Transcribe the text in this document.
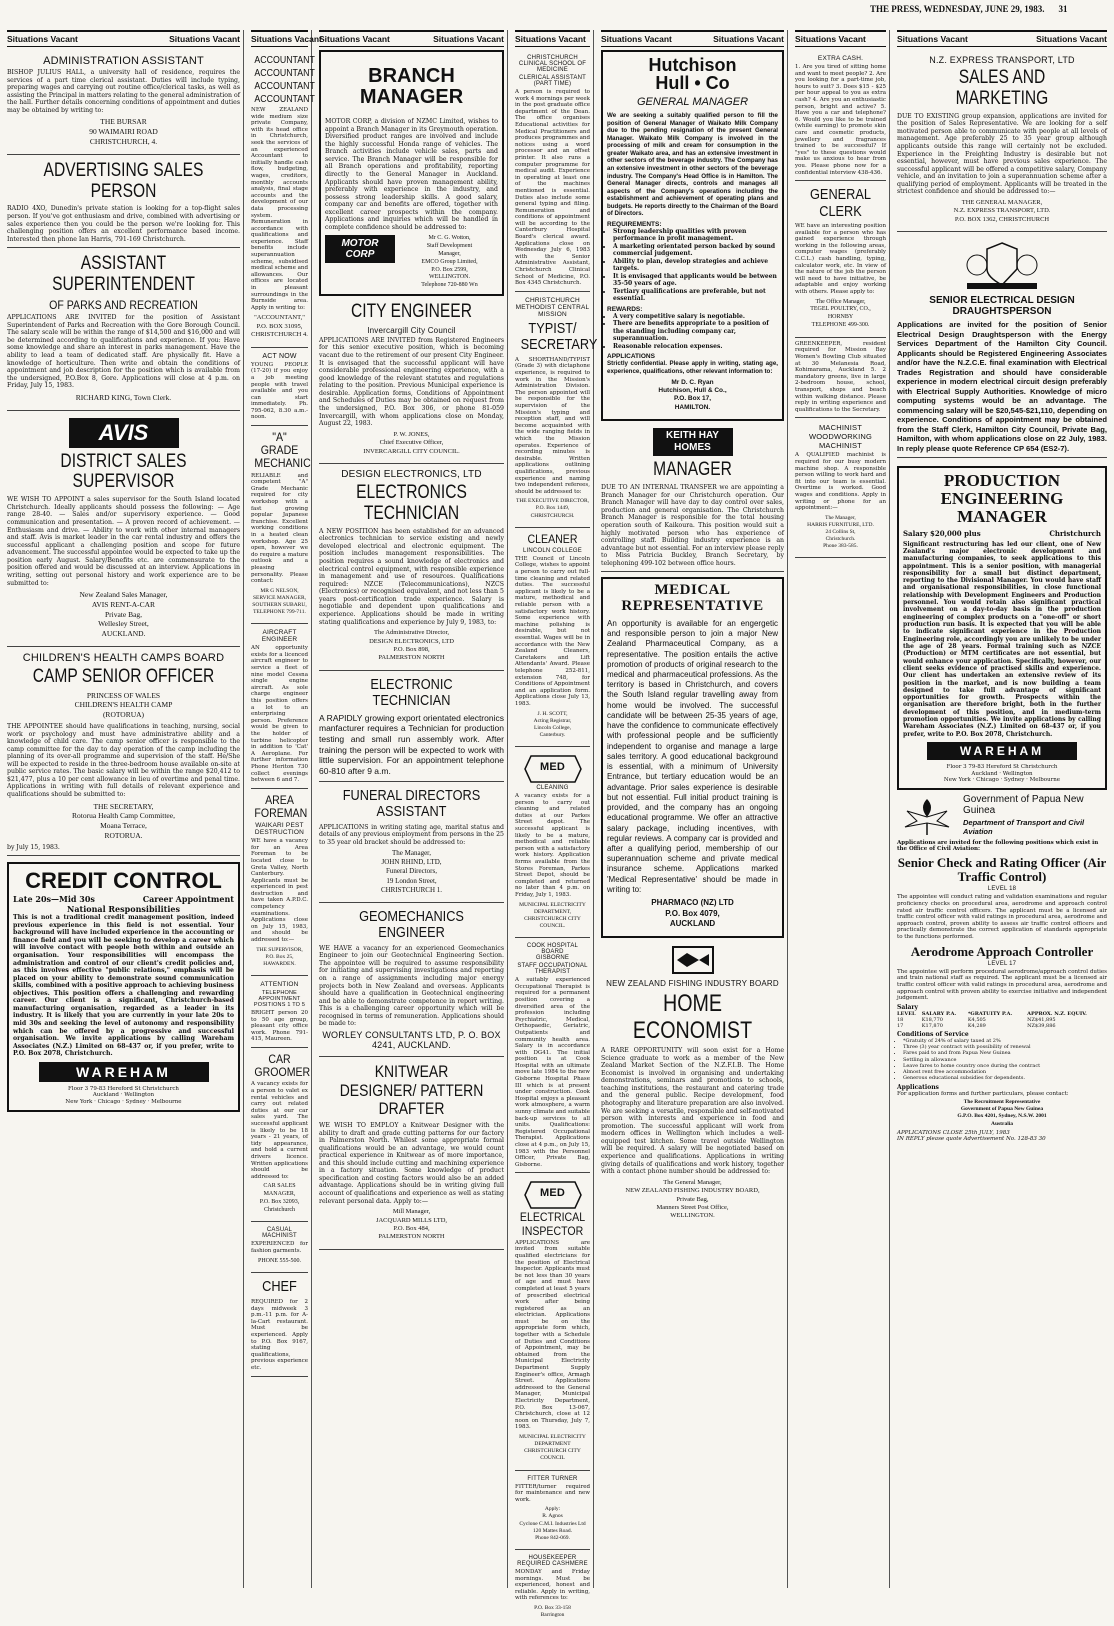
THE PRESS, WEDNESDAY, JUNE 29, 1983. 31
Situations Vacant	Situations Vacant
ADMINISTRATION ASSISTANT
BISHOP JULIUS HALL, a university hall of residence, requires the services of a part time clerical assistant. Duties will include typing, preparing wages and carrying out routine office/clerical tasks, as well as assisting the Principal in matters relating to the general administration of the hall. Further details concerning conditions of appointment and duties may be obtained by writing to:
THE BURSAR
90 WAIMAIRI ROAD
CHRISTCHURCH, 4.
ADVERTISING SALES PERSON
RADIO 4XO, Dunedin's private station is looking for a top-flight sales person. If you've got enthusiasm and drive, combined with advertising or sales experience then you could be the person we're looking for. This challenging position offers an excellent performance based income. Interested then phone Ian Harris, 791-169 Christchurch.
ASSISTANT SUPERINTENDENT
OF PARKS AND RECREATION
APPLICATIONS ARE INVITED for the position of Assistant Superintendent of Parks and Recreation with the Gore Borough Council. The salary scale will be within the range of $14,500 and $16,000 and will be determined according to qualifications and experience. If you: Have some knowledge and share an interest in parks management. Have the ability to lead a team of dedicated staff. Are physically fit. Have a knowledge of horticulture. Then write and obtain the conditions of appointment and job description for the position which is available from the undersigned, P.O.Box 8, Gore. Applications will close at 4 p.m. on Friday, July 15, 1983.
RICHARD KING, Town Clerk.
AVIS
DISTRICT SALES SUPERVISOR
WE WISH TO APPOINT a sales supervisor for the South Island located Christchurch. Ideally applicants should possess the following: — Age range 28-40. — Sales and/or supervisory experience. — Good communication and presentation. — A proven record of achievement. — Enthusiasm and drive. — Ability to work with other internal managers and staff. Avis is market leader in the car rental industry and offers the successful applicant a challenging position and scope for future advancement. The successful appointee would be expected to take up the position early August. Salary/Benefits etc. are commensurate to the position offered and would be discussed at an interview. Applications in writing, setting out personal history and work experience are to be submitted to:
New Zealand Sales Manager,
AVIS RENT-A-CAR
Private Bag,
Wellesley Street,
AUCKLAND.
CHILDREN'S HEALTH CAMPS BOARD
CAMP SENIOR OFFICER
PRINCESS OF WALES
CHILDREN'S HEALTH CAMP
(ROTORUA)
THE APPOINTEE should have qualifications in teaching, nursing, social work or psychology and must have administrative ability and a knowledge of child care. The camp senior officer is responsible to the camp committee for the day to day operation of the camp including the planning of its over-all programme and supervision of the staff. He/She will be expected to reside in the three-bedroom house available on-site at public service rates. The basic salary will be within the range $20,412 to $21,477, plus a 10 per cent allowance in lieu of overtime and penal time. Applications in writing with full details of relevant experience and qualifications should be submitted to:
THE SECRETARY,
Rotorua Health Camp Committee,
Moana Terrace,
ROTORUA.
by July 15, 1983.
CREDIT CONTROL
Late 20s—Mid 30s	Career Appointment
National Responsibilities
This is not a traditional credit management position, indeed previous experience in this field is not essential. Your background will have included experience in the accounting or finance field and you will be seeking to develop a career which will involve contact with people both within and outside an organisation. Your responsibilities will encompass the administration and control of our client's credit policies and, as this involves effective "public relations," emphasis will be placed on your ability to demonstrate sound communication skills, combined with a positive approach to achieving business objectives. This position offers a challenging and rewarding career. Our client is a significant, Christchurch-based manufacturing organisation, regarded as a leader in its industry. It is likely that you are currently in your late 20s to mid 30s and seeking the level of autonomy and responsibility which can be offered by a progressive and successful organisation. We invite applications by calling Wareham Associates (N.Z.) Limited on 68-437 or, if you prefer, write to P.O. Box 2078, Christchurch.
WAREHAM
Floor 3 79-83 Hereford St Christchurch
Auckland · Wellington
New York · Chicago · Sydney · Melbourne
Situations Vacant
ACCOUNTANT
ACCOUNTANT
ACCOUNTANT
ACCOUNTANT
NEW ZEALAND wide medium size private Company, with its head office in Christchurch, seek the services of an experienced Accountant to initially handle cash flow, budgeting, wages, creditors, monthly accounts analysis, final stage accounts and the development of our data processing system. Remuneration in accordance with qualifications and experience. Staff benefits include superannuation scheme, subsidised medical scheme and allowances. Our offices are located in pleasant surroundings in the Burnside area. Apply in writing to:
"ACCOUNTANT,"
P.O. BOX 31095,
CHRISTCHURCH 4.
ACT NOW
YOUNG PEOPLE (17-20) if you enjoy a job meeting people with travel available and you can start immediately. Ph. 795-062, 8.30 a.m.-noon.
"A" GRADE MECHANIC
RELIABLE and competent "A" Grade Mechanic required for city workshop with a fast growing popular Japanese franchise. Excellent working conditions in a heated clean workshop. Age 25 open, however we do require a mature outlook and a pleasing personality. Please contact:
MR G NELSON,
SERVICE MANAGER,
SOUTHERN SUBARU,
TELEPHONE 799-711.
AIRCRAFT ENGINEER
AN opportunity exists for a licenced aircraft engineer to service a fleet of nine model Cessna single engine aircraft. As sole charge engineer this position offers a lot to an enterprising person. Preference would be given to the holder of turbine helicopter in addition to 'Cat' A Aeroplane. For further information Phone Heriton 730 collect evenings between 6 and 7.
AREA FOREMAN
WAIKARI PEST DESTRUCTION
WE have a vacancy for an Area Foreman to be located close to Greta Valley, North Canterbury. Applicants must be experienced in pest destruction and have taken A.P.D.C. competency examinations. Applications close on July 15, 1983, and should be addressed to:—
THE SUPERVISOR,
P.O. Box 25,
HAWARDEN.
ATTENTION
TELEPHONE APPOINTMENT POSITIONS 1 TO 5
BRIGHT person 20 to 50 age group, pleasant city office work. Phone 791-415, Maureen.
CAR GROOMER
A vacancy exists for a person to valet ex rental vehicles and carry out related duties at our car sales yard. The successful applicant is likely to be 18 years - 21 years, of tidy appearance, and hold a current drivers licence. Written applications should be addressed to:
CAR SALES MANAGER,
P.O. Box 32093,
Christchurch
CASUAL MACHINIST
EXPERIENCED for fashion garments.
PHONE 555-500.
CHEF
REQUIRED for 2 days midweek 3 p.m.-11 p.m. for A-la-Cart restaurant. Must be experienced. Apply to P.O. Box 9167, stating qualifications, previous experience etc.
Situations Vacant	Situations Vacant
BRANCH MANAGER
MOTOR CORP, a division of NZMC Limited, wishes to appoint a Branch Manager in its Greymouth operation. Diversified product ranges are involved and include the highly successful Honda range of vehicles. The Branch activities include vehicle sales, parts and service. The Branch Manager will be responsible for all Branch operations and profitability, reporting directly to the General Manager in Auckland. Applicants should have proven management ability, preferably with experience in the industry, and possess strong leadership skills. A good salary, company car and benefits are offered, together with excellent career prospects within the company. Applications and inquiries which will be handled in complete confidence should be addressed to:
MOTOR CORP
Mr C. G. Wotton,
Staff Development
Manager,
EMCO Group Limited,
P.O. Box 2599,
WELLINGTON.
Telephone 720-880 Wn
CITY ENGINEER
Invercargill City Council
APPLICATIONS ARE INVITED from Registered Engineers for this senior executive position, which is becoming vacant due to the retirement of our present City Engineer. It is envisaged that the successful applicant will have considerable professional engineering experience, with a good knowledge of the relevant statutes and regulations relating to the position. Previous Municipal experience is desirable. Application forms, Conditions of Appointment and Schedules of Duties may be obtained on request from the undersigned, P.O. Box 306, or phone 81-059 Invercargill, with whom applications close on Monday, August 22, 1983.
P. W. JONES,
Chief Executive Officer,
INVERCARGILL CITY COUNCIL.
DESIGN ELECTRONICS, LTD
ELECTRONICS TECHNICIAN
A NEW POSITION has been established for an advanced electronics technician to service existing and newly developed electrical and electronic equipment. The position includes management responsibilities. The position requires a sound knowledge of electronics and electrical control equipment, with responsible experience in management and use of resources. Qualifications required: NZCE (Telecommunications), NZCS (Electronics) or recognised equivalent, and not less than 5 years post-certification trade experience. Salary is negotiable and dependent upon qualifications and experience. Applications should be made in writing stating qualifications and experience by July 9, 1983, to:
The Administrative Director,
DESIGN ELECTRONICS, LTD
P.O. Box 898,
PALMERSTON NORTH
ELECTRONIC TECHNICIAN
A RAPIDLY growing export orientated electronics manfacturer requires a Technician for production testing and small run assembly work. After training the person will be expected to work with little supervision. For an appointment telephone 60-810 after 9 a.m.
FUNERAL DIRECTORS ASSISTANT
APPLICATIONS in writing stating age, marital status and details of any previous employment from persons in the 25 to 35 year old bracket should be addressed to:
The Manager,
JOHN RHIND, LTD,
Funeral Directors,
19 London Street,
CHRISTCHURCH 1.
GEOMECHANICS ENGINEER
WE HAVE a vacancy for an experienced Geomechanics Engineer to join our Geotechnical Engineering Section. The appointee will be required to assume responsibility for initiating and supervising investigations and reporting on a range of assignments including major energy projects both in New Zealand and overseas. Applicants should have a qualification in Geotechnical engineering and be able to demonstrate competence in report writing. This is a challenging career opportunity which will be recognised in terms of remuneration. Applications should be made to:
WORLEY CONSULTANTS LTD, P. O. BOX 4241, AUCKLAND.
KNITWEAR DESIGNER/ PATTERN DRAFTER
WE WISH TO EMPLOY a Knitwear Designer with the ability to draft and grade cutting patterns for our factory in Palmerston North. Whilest some appropriate formal qualifications would be an advantage, we would count practical experience in Knitwear as of more importance, and this should include cutting and machining experience in a factory situation. Some knowledge of product specification and costing factors would also be an added advantage. Applications should be in writing giving full account of qualifications and experience as well as stating relevant personal data. Apply to:—
Mill Manager,
JACQUARD MILLS LTD,
P.O. Box 484,
PALMERSTON NORTH
Situations Vacant
CHRISTCHURCH CLINICAL SCHOOL OF MEDICINE
CLERICAL ASSISTANT (PART TIME)
A person is required to work 4 mornings per week in the post graduate office department of the Dean. The office organises Educational activities for Medical Practitioners and produces programmes and notices using a word processor and an offset printer. It also runs a computer programme for medical audit. Experience in operating at least one of the machines mentioned is essential. Duties also include some general typing and filing. Remuneration and conditions of appointment will be according to the Canterbury Hospital Board's clerical award. Applications close on Wednesday July 6, 1983 with the Senior Administrative Assistant, Christchurch Clinical School of Medicine, P.O. Box 4345 Christchurch.
CHRISTCHURCH METHODIST CENTRAL MISSION
TYPIST/ SECRETARY
A SHORTHAND/TYPIST (Grade 3) with dictaphone experience, is required to work in the Mission's Administration Division. The person appointed will be responsible for the supervision of the Mission's typing and reception staff, and will become acquainted with the wide ranging fields in which the Mission operates. Experience of recording minutes is desirable. Written applications outlining qualifications, previous experience and naming two independent referees, should be addressed to:
THE EXECUTIVE DIRECTOR,
P.O. Box 1449,
CHRISTCHURCH.
CLEANER
LINCOLN COLLEGE
THE Council of Lincoln College, wishes to appoint a person to carry out full-time cleaning and related duties. The successful applicant is likely to be a mature, methodical and reliable person with a satisfactory work history. Some experience with machine polishing is desirable, but not essential. Wages will be in accordance with the New Zealand Cleaners, Caretakers and Lift Attendants' Award. Please telephone 252-811, extension 748, for Conditions of Appointment and an application form. Applications close July 13, 1983.
J. H. SCOTT,
Acting Registrar,
Lincoln College,
Canterbury.
MED
CLEANING
A vacancy exists for a person to carry out cleaning and related duties at our Parkes Street depot. The successful applicant is likely to be a mature, methodical and reliable person with a satisfactory work history. Application forms available from the Stores Foreman, Parkes Street Depot, should be completed and returned no later than 4 p.m. on Friday, July 1, 1983.
MUNICIPAL ELECTRICITY DEPARTMENT,
CHRISTCHURCH CITY COUNCIL.
COOK HOSPITAL BOARD
GISBORNE
STAFF OCCUPATIONAL THERAPIST
A suitably experienced Occupational Therapist is required for a permanent position covering a diversified area of the profession including Psychiatric, Medical, Orthopaedic, Geriatric, Outpatients and community health area. Salary is in accordance with DG41. The initial position is at Cook Hospital with an ultimate move late 1984 to the new Gisborne Hospital Phase III which is at present under construction. Cook Hospital enjoys a pleasant work atmosphere, a warm sunny climate and suitable back-up services to all units. Qualifications: Registered Occupational Therapist. Applications close at 4 p.m., on July 15, 1983 with the Personnel Officer, Private Bag, Gisborne.
MED
ELECTRICAL INSPECTOR
APPLICATIONS are invited from suitable qualified electricians for the position of Electrical Inspector. Applicants must be not less than 30 years of age and must have completed at least 5 years of prescribed electrical work after being registered as an electrician. Applications must be on the appropriate form which, together with a Schedule of Duties and Conditions of Appointment, may be obtained from the Municipal Electricity Department Supply Engineer's office, Armagh Street. Applications addressed to the General Manager, Municipal Electricity Department, P.O. Box 13-067, Christchurch, close at 12 noon on Thursday, July 7, 1983.
MUNICIPAL ELECTRICITY DEPARTMENT
CHRISTCHURCH CITY COUNCIL
FITTER TURNER
FITTER/turner required for maintenance and new work.
Apply:
R. Agnos
Cyclone C.M.I. Industries Ltd
120 Mattes Road.
Phone 842-069.
HOUSEKEEPER REQUIRED CASHMERE
MONDAY and Friday mornings. Must be experienced, honest and reliable. Apply in writing, with references to:
P.O. Box 33-158
Barrington
Situations Vacant	Situations Vacant
Hutchison
Hull • Co
GENERAL MANAGER
We are seeking a suitably qualified person to fill the position of General Manager of Waikato Milk Company due to the pending resignation of the present General Manager. Waikato Milk Company is involved in the processing of milk and cream for consumption in the greater Waikato area, and has an extensive investment in other sectors of the beverage industry. The Company has an extensive investment in other sectors of the beverage industry. The Company's Head Office is in Hamilton. The General Manager directs, controls and manages all aspects of the Company's operations including the establishment and achievement of operating plans and budgets. He reports directly to the Chairman of the Board of Directors.
REQUIREMENTS:
• Strong leadership qualities with proven performance in profit management.
• A marketing orientated person backed by sound commercial judgement.
• Ability to plan, develop strategies and achieve targets.
• It is envisaged that applicants would be between 35-50 years of age.
• Tertiary qualifications are preferable, but not essential.
REWARDS:
• A very competitive salary is negotiable.
• There are benefits appropriate to a position of the standing including company car, superannuation.
• Reasonable relocation expenses.
APPLICATIONS
Strictly confidential. Please apply in writing, stating age, experience, qualifications, other relevant information to:
Mr D. C. Ryan
Hutchison, Hull & Co.,
P.O. Box 17,
HAMILTON.
KEITH HAY
HOMES
MANAGER
DUE TO AN INTERNAL TRANSFER we are appointing a Branch Manager for our Christchurch operation. Our Branch Manager will have day to day control over sales, production and general organisation. The Christchurch Branch Manager is responsible for the total housing operation south of Kaikoura. This position would suit a highly motivated person who has experience of controlling staff. Building industry experience is an advantage but not essential. For an interview please reply to Miss Patricia Buckley, Branch Secretary, by telephoning 499-102 between office hours.
MEDICAL REPRESENTATIVE
An opportunity is available for an engergetic and responsible person to join a major New Zealand Pharmaceutical Company, as a representative. The position entails the active promotion of products of original research to the medical and pharmaceutical professions. As the territory is based in Christchurch, and covers the South Island regular travelling away from home would be involved. The successful candidate will be between 25-35 years of age, have the confidence to communicate effectively with professional people and be sufficiently independent to organise and manage a large sales territory. A good educational background is essential, with a minimum of University Entrance, but tertiary education would be an advantage. Prior sales experience is desirable but not essential. Full initial product training is provided, and the company has an ongoing educational programme. We offer an attractive salary package, including incentives, with regular reviews. A company car is provided and after a qualifying period, membership of our superannuation scheme and private medical insurance scheme. Applications marked 'Medical Representative' should be made in writing to:
PHARMACO (NZ) LTD
P.O. Box 4079,
AUCKLAND
NEW ZEALAND FISHING INDUSTRY BOARD
HOME ECONOMIST
A RARE OPPORTUNITY will soon exist for a Home Science graduate to work as a member of the New Zealand Market Section of the N.Z.F.I.B. The Home Economist is involved in organising and undertaking demonstrations, seminars and promotions to schools, teaching institutions, the restaurant and catering trade and the general public. Recipe development, food photography and literature preparation are also involved. We are seeking a versatile, responsible and self-motivated person with interests and experience in food and promotion. The successful applicant will work from modern offices in Wellington which includes a well-equipped test kitchen. Some travel outside Wellington will be required. A salary will be negotiated based on experience and qualifications. Applications in writing giving details of qualifications and work history, together with a contact phone number should be addressed to:
The General Manager,
NEW ZEALAND FISHING INDUSTRY BOARD,
Private Bag,
Manners Street Post Office,
WELLINGTON.
Situations Vacant
EXTRA CASH.
1. Are you tired of sitting home and want to meet people? 2. Are you looking for a part-time job, hours to suit? 3. Does $15 - $25 per hour appeal to you as extra cash? 4. Are you an enthusiastic person, bright and active? 5. Have you a car and telephone? 6. Would you like to be trained (while earning) to promote skin care and cosmetic products, jewellery and fragrances trained to be successful? If "yes" to these questions would make us anxious to hear from you. Please phone now for a confidential interview 438-436.
GENERAL CLERK
WE have an interesting position available for a person who has gained experience through working in the following areas, computer wages (preferably C.C.L.) cash handling, typing, calculator work, etc. In view of the nature of the job the person will need to have initiative, be adaptable and enjoy working with others. Please apply to:
The Office Manager,
TEGEL POULTRY, CO.,
HORNBY
TELEPHONE 499-300.
GREENKEEPER, resident required for Mission Bay Women's Bowling Club situated at 30 Melanesia Road, Kohimarama, Auckland 5. 2 mandatory greens, live in large 2-bedroom house, school, transport, shops and beach within walking distance. Please reply in writing experience and qualifications to the Secretary.
MACHINIST WOODWORKING MACHINIST
A QUALIFIED machinist is required for our busy modern machine shop. A responsible person willing to work hard and fit into our team is essential. Overtime is worked. Good wages and conditions. Apply in writing or phone for an appointment:—
The Manager,
HARRIS FURNITURE, LTD.
24 Collins St,
Christchurch.
Phone 383-585.
Situations Vacant	Situations Vacant
N.Z. EXPRESS TRANSPORT, LTD
SALES AND MARKETING
DUE TO EXISTING group expansion, applications are invited for the position of Sales Representative. We are looking for a self motivated person able to communicate with people at all levels of management. Age preferably 25 to 35 year group although applicants outside this range will certainly not be excluded. Experience in the Freighting Industry is desirable but not essential, however, must have previous sales experience. The successful applicant will be offered a competitive salary, Company vehicle, and an invitation to join a superannuation scheme after a qualifying period of employment. Applicants will be treated in the strictest confidence and should be addressed to:—
THE GENERAL MANAGER,
N.Z. EXPRESS TRANSPORT, LTD.
P.O. BOX 1362, CHRISTCHURCH
SENIOR ELECTRICAL DESIGN DRAUGHTSPERSON
Applications are invited for the position of Senior Electrical Design Draughtsperson with the Energy Services Department of the Hamilton City Council. Applicants should be Registered Engineering Associates and/or have the N.Z.C.E. final examination with Electrical Trades Registration and should have considerable experience in modern electrical circuit design preferably with Electrical Supply Authorities. Knowledge of micro computing systems would be an advantage. The commencing salary will be $20,545-$21,110, depending on experience. Conditions of appointment may be obtained from the Staff Clerk, Hamilton City Council, Private Bag, Hamilton, with whom applications close on 22 July, 1983. In reply please quote Reference CP 654 (ES2-7).
PRODUCTION ENGINEERING MANAGER
Salary $20,000 plus	Christchurch
Significant restructuring has led our client, one of New Zealand's major electronic development and manufacturing companies, to seek applications to this appointment. This is a senior position, with managerial responsibility for a small but distinct department, reporting to the Divisional Manager. You would have staff and organisational responsibilities, in close functional relationship with Development Engineers and Production personnel. You would retain also significant practical involvement on a day-to-day basis in the production engineering of complex products on a "one-off" or short production run basis. It is expected that you will be able to indicate significant experience in the Production Engineering role, accordingly you are unlikely to be under the age of 28 years. Formal training such as NZCE (Production) or MTM certificates are not essential, but would enhance your application. Specifically, however, our client seeks evidence of practised skills and experience. Our client has undertaken an extensive review of its position in the market, and is now building a team designed to take full advantage of significant opportunities for growth. Prospects within the organisation are therefore bright, both in the further development of this position, and in medium-term promotion opportunities. We invite applications by calling Wareham Associates (N.Z.) Limited on 68-437 or, if you prefer, write to P.O. Box 2078, Christchurch.
WAREHAM
Floor 3 79-83 Hereford St Christchurch
Auckland · Wellington
New York · Chicago · Sydney · Melbourne
Government of Papua New Guinea
Department of Transport and Civil Aviation
Applications are invited for the following positions which exist in the Office of Civil Aviation:
Senior Check and Rating Officer (Air Traffic Control)
LEVEL 18
The appointee will conduct rating and validation examinations and regular proficiency checks on procedural area, aerodrome and approach control rated air traffic control officers. The applicant must be a licensed air traffic control officer with valid ratings in procedural area, aerodrome and approach control, proven ability to assess air traffic control officers and practically demonstrate the correct application of standards appropriate to the functions performed.
Aerodrome Approach Controller
LEVEL 17
The appointee will perform procedural aerodrome/approach control duties and train national staff as required. The applicant must be a licensed air traffic control officer with valid ratings in procedural area, aerodrome and approach control with proven ability to exercise initiative and independent judgement.
Salary
LEVEL	SALARY P.A.	*GRATUITY P.A.	APPROX. N.Z. EQUIV.
18	K18,770	K4,505	NZ$41,895
17	K17,870	K4,289	NZ$39,886
Conditions of Service
• *Gratuity of 24% of salary taxed at 2%
• Three (3) year contract with possibility of renewal
• Fares paid to and from Papua New Guinea
• Settling in allowance
• Leave fares to home country once during the contract
• Almost rent free accommodation
• Generous educational subsidies for dependents.
Applications
For application forms and further particulars, please contact:
The Recruitment Representative
Government of Papua New Guinea
G.P.O. Box 4201, Sydney, N.S.W. 2001
Australia
APPLICATIONS CLOSE 25th JULY, 1983
IN REPLY please quote Advertisement No. 128-83 30
